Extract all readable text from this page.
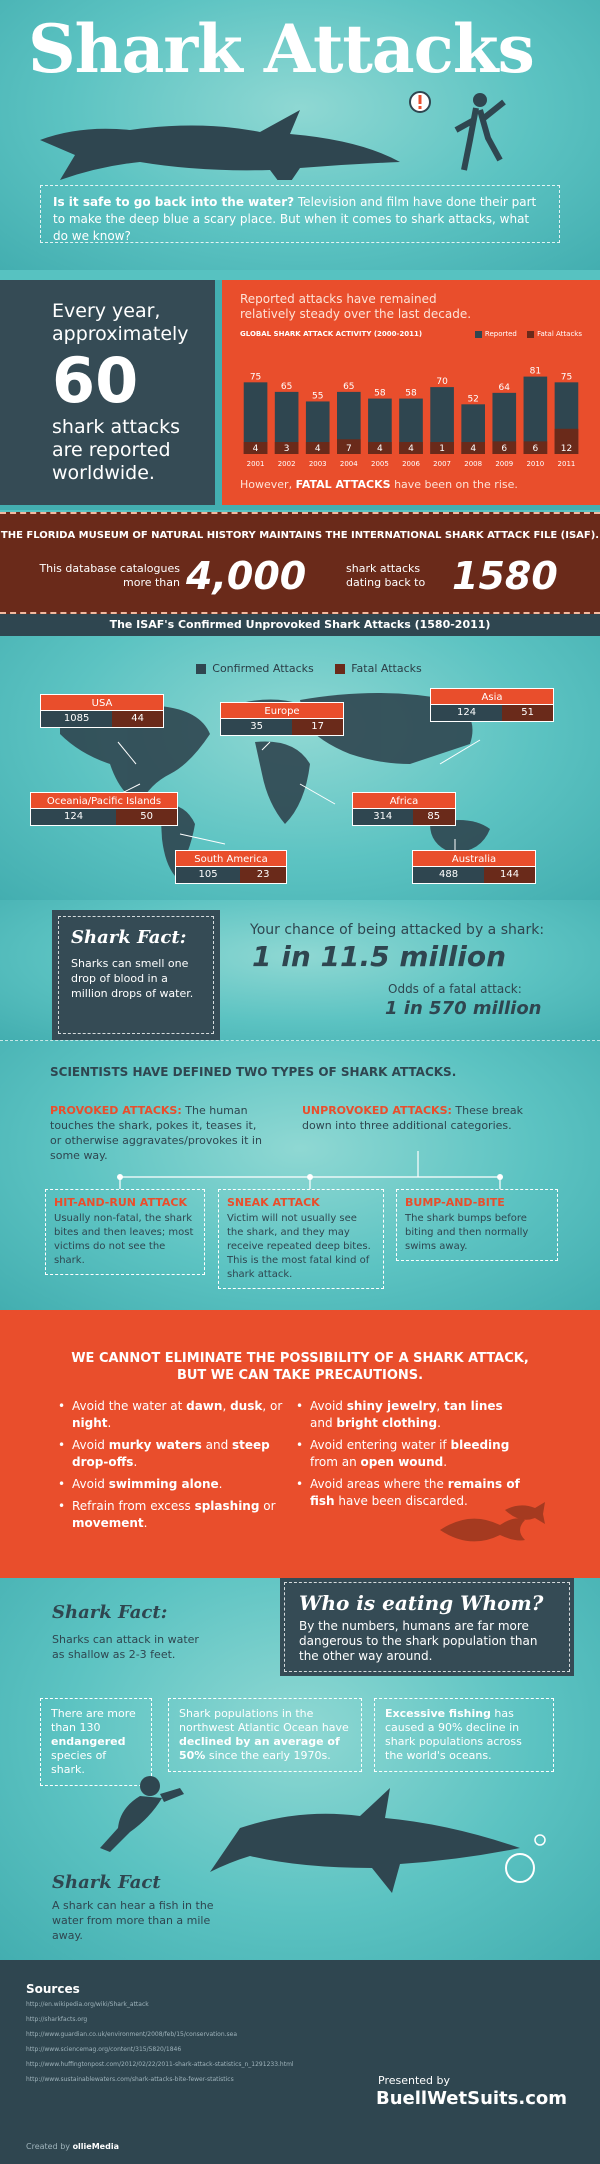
Shark Attacks
Is it safe to go back into the water? Television and film have done their part to make the deep blue a scary place. But when it comes to shark attacks, what do we know?
Every year,
approximately
60
shark attacks
are reported
worldwide.
Reported attacks have remained relatively steady over the last decade.
GLOBAL SHARK ATTACK ACTIVITY (2000-2011)	Reported	Fatal Attacks
75
4
2001
65
3
2002
55
4
2003
65
7
2004
58
4
2005
58
4
2006
70
1
2007
52
4
2008
64
6
2009
81
6
2010
75
12
2011
However, FATAL ATTACKS have been on the rise.
THE FLORIDA MUSEUM OF NATURAL HISTORY MAINTAINS THE INTERNATIONAL SHARK ATTACK FILE (ISAF).
This database catalogues more than 4,000	shark attacks dating back to 1580
The ISAF's Confirmed Unprovoked Shark Attacks (1580-2011)
Confirmed Attacks	Fatal Attacks
USA
1085	44
Europe
35	17
Asia
124	51
Oceania/Pacific Islands
124	50
Africa
314	85
South America
105	23
Australia
488	144
Shark Fact:
Sharks can smell one drop of blood in a million drops of water.
Your chance of being attacked by a shark:
1 in 11.5 million
Odds of a fatal attack:
1 in 570 million
SCIENTISTS HAVE DEFINED TWO TYPES OF SHARK ATTACKS.
PROVOKED ATTACKS: The human touches the shark, pokes it, teases it, or otherwise aggravates/provokes it in some way.
UNPROVOKED ATTACKS: These break down into three additional categories.
HIT-AND-RUN ATTACK
Usually non-fatal, the shark bites and then leaves; most victims do not see the shark.
SNEAK ATTACK
Victim will not usually see the shark, and they may receive repeated deep bites. This is the most fatal kind of shark attack.
BUMP-AND-BITE
The shark bumps before biting and then normally swims away.
WE CANNOT ELIMINATE THE POSSIBILITY OF A SHARK ATTACK,
BUT WE CAN TAKE PRECAUTIONS.
• Avoid the water at dawn, dusk, or night.
• Avoid murky waters and steep drop-offs.
• Avoid swimming alone.
• Refrain from excess splashing or movement.
• Avoid shiny jewelry, tan lines and bright clothing.
• Avoid entering water if bleeding from an open wound.
• Avoid areas where the remains of fish have been discarded.
Shark Fact:
Sharks can attack in water as shallow as 2-3 feet.
Who is eating Whom?
By the numbers, humans are far more dangerous to the shark population than the other way around.
There are more than 130 endangered species of shark.
Shark populations in the northwest Atlantic Ocean have declined by an average of 50% since the early 1970s.
Excessive fishing has caused a 90% decline in shark populations across the world's oceans.
Shark Fact
A shark can hear a fish in the water from more than a mile away.
Sources
http://en.wikipedia.org/wiki/Shark_attack
http://sharkfacts.org
http://www.guardian.co.uk/environment/2008/feb/15/conservation.sea
http://www.sciencemag.org/content/315/5820/1846
http://www.huffingtonpost.com/2012/02/22/2011-shark-attack-statistics_n_1291233.html
http://www.sustainablewaters.com/shark-attacks-bite-fewer-statistics	Presented by
BuellWetSuits.com
Created by ollieMedia
